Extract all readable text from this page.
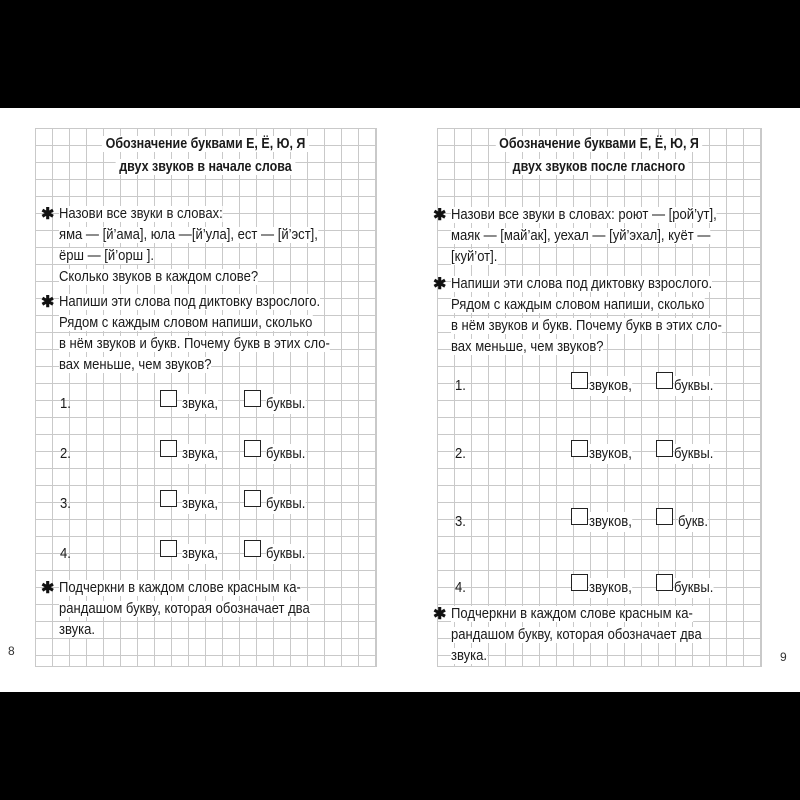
Обозначение буквами Е, Ё, Ю, Я
двух звуков в начале слова
✱ Назови все звуки в словах:
яма — [й’ама], юла —[й’ула], ест — [й’эст],
ёрш — [й’орш ].
Сколько звуков в каждом слове?
✱ Напиши эти слова под диктовку взрослого.
Рядом с каждым словом напиши, сколько
в нём звуков и букв. Почему букв в этих сло-
вах меньше, чем звуков?
1.	звука,	буквы.
2.	звука,	буквы.
3.	звука,	буквы.
4.	звука,	буквы.
✱ Подчеркни в каждом слове красным ка-
рандашом букву, которая обозначает два
звука.
8
Обозначение буквами Е, Ё, Ю, Я
двух звуков после гласного
✱ Назови все звуки в словах: роют — [рой’ут],
маяк — [май’ак], уехал — [уй’эхал], куёт —
[куй’от].
✱ Напиши эти слова под диктовку взрослого.
Рядом с каждым словом напиши, сколько
в нём звуков и букв. Почему букв в этих сло-
вах меньше, чем звуков?
1.	звуков,	буквы.
2.	звуков,	буквы.
3.	звуков,	букв.
4.	звуков,	буквы.
✱ Подчеркни в каждом слове красным ка-
рандашом букву, которая обозначает два
звука.	9
